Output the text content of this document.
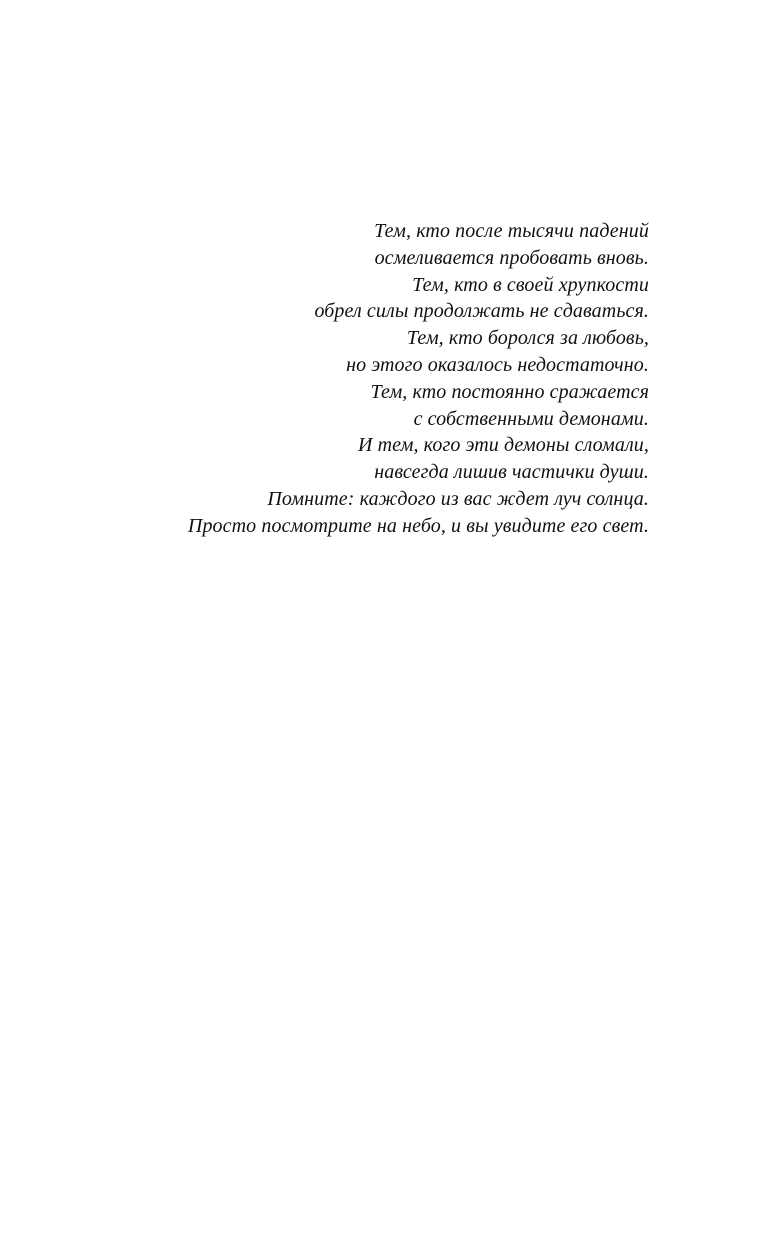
Тем, кто после тысячи падений
осмеливается пробовать вновь.
Тем, кто в своей хрупкости
обрел силы продолжать не сдаваться.
Тем, кто боролся за любовь,
но этого оказалось недостаточно.
Тем, кто постоянно сражается
с собственными демонами.
И тем, кого эти демоны сломали,
навсегда лишив частички души.
Помните: каждого из вас ждет луч солнца.
Просто посмотрите на небо, и вы увидите его свет.
